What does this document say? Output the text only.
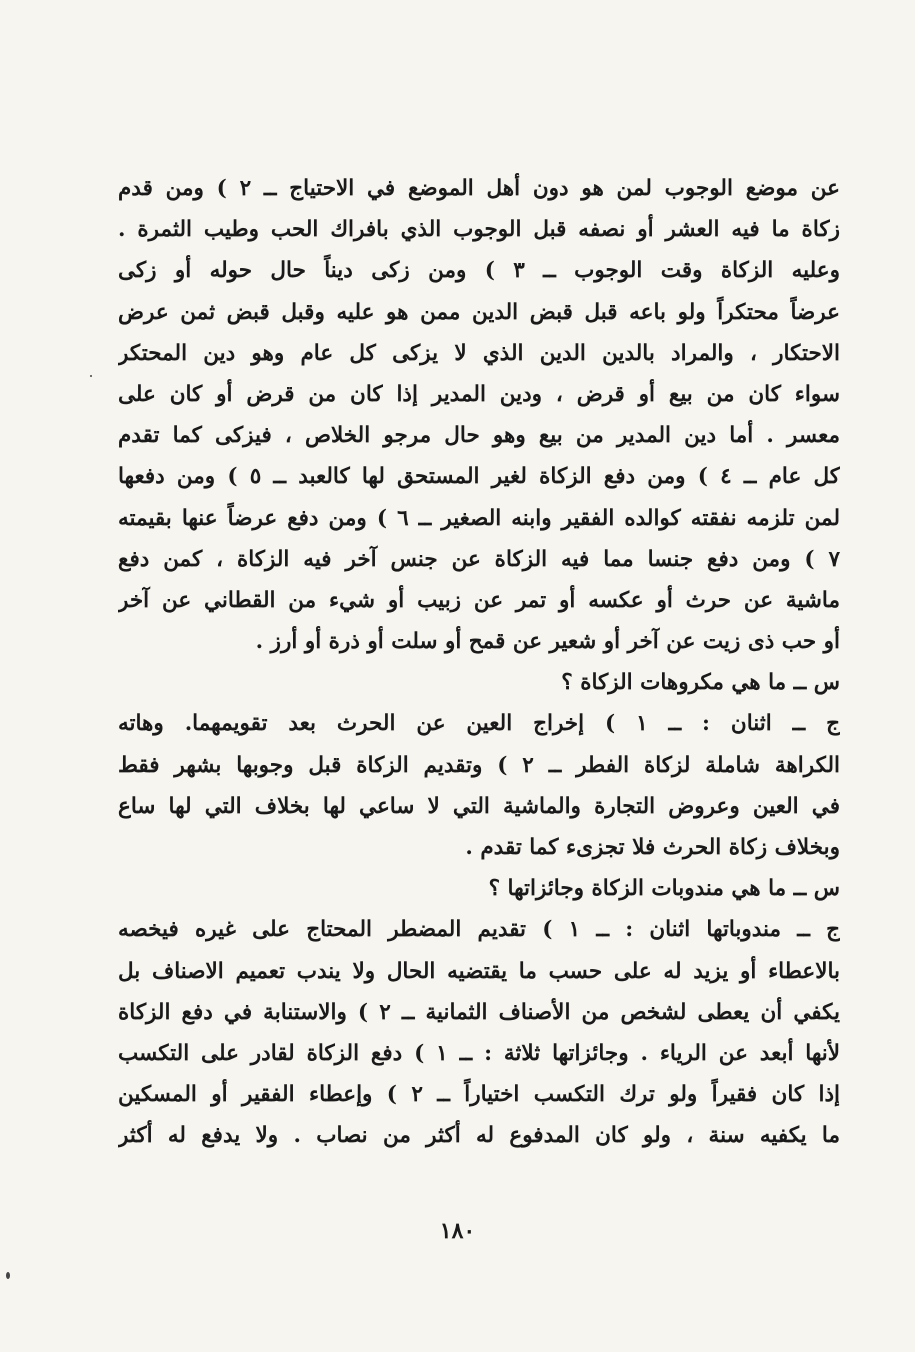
عن موضع الوجوب لمن هو دون أهل الموضع في الاحتياج ــ ٢ ) ومن قدم
زكاة ما فيه العشر أو نصفه قبل الوجوب الذي بافراك الحب وطيب الثمرة .
وعليه الزكاة وقت الوجوب ــ ٣ ) ومن زكى ديناً حال حوله أو زكى
عرضاً محتكراً ولو باعه قبل قبض الدين ممن هو عليه وقبل قبض ثمن عرض
الاحتكار ، والمراد بالدين الدين الذي لا يزكى كل عام وهو دين المحتكر
سواء كان من بيع أو قرض ، ودين المدير إذا كان من قرض أو كان على
معسر . أما دين المدير من بيع وهو حال مرجو الخلاص ، فيزكى كما تقدم
كل عام ــ ٤ ) ومن دفع الزكاة لغير المستحق لها كالعبد ــ ٥ ) ومن دفعها
لمن تلزمه نفقته كوالده الفقير وابنه الصغير ــ ٦ ) ومن دفع عرضاً عنها بقيمته
٧ ) ومن دفع جنسا مما فيه الزكاة عن جنس آخر فيه الزكاة ، كمن دفع
ماشية عن حرث أو عكسه أو تمر عن زبيب أو شيء من القطاني عن آخر
أو حب ذى زيت عن آخر أو شعير عن قمح أو سلت أو ذرة أو أرز .
س ــ ما هي مكروهات الزكاة ؟
ج ــ اثنان : ــ ١ ) إخراج العين عن الحرث بعد تقويمهما. وهاته
الكراهة شاملة لزكاة الفطر ــ ٢ ) وتقديم الزكاة قبل وجوبها بشهر فقط
في العين وعروض التجارة والماشية التي لا ساعي لها بخلاف التي لها ساع
وبخلاف زكاة الحرث فلا تجزىء كما تقدم .
س ــ ما هي مندوبات الزكاة وجائزاتها ؟
ج ــ مندوباتها اثنان : ــ ١ ) تقديم المضطر المحتاج على غيره فيخصه
بالاعطاء أو يزيد له على حسب ما يقتضيه الحال ولا يندب تعميم الاصناف بل
يكفي أن يعطى لشخص من الأصناف الثمانية ــ ٢ ) والاستنابة في دفع الزكاة
لأنها أبعد عن الرياء . وجائزاتها ثلاثة : ــ ١ ) دفع الزكاة لقادر على التكسب
إذا كان فقيراً ولو ترك التكسب اختياراً ــ ٢ ) وإعطاء الفقير أو المسكين
ما يكفيه سنة ، ولو كان المدفوع له أكثر من نصاب . ولا يدفع له أكثر
١٨٠
